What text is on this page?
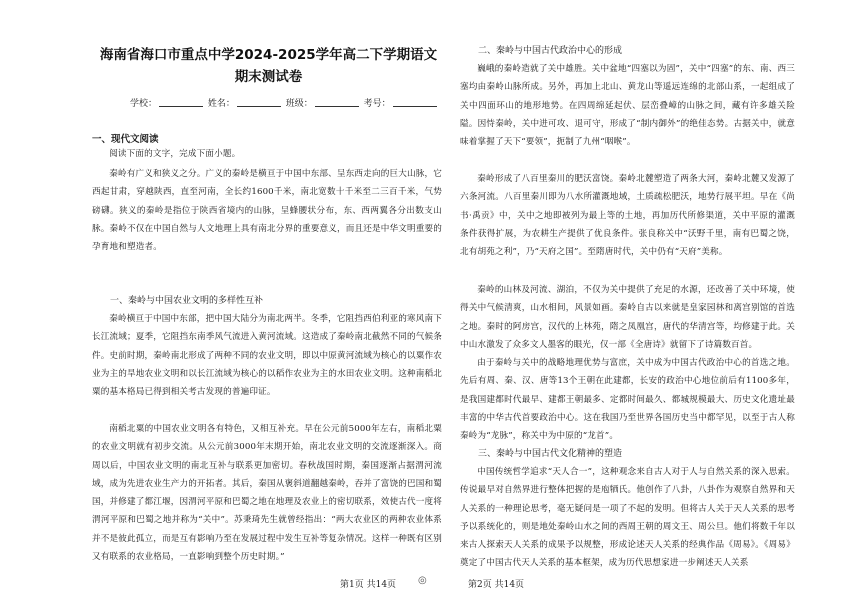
海南省海口市重点中学2024-2025学年高二下学期语文期末测试卷
学校：	姓名：	班级：	考号：
一、现代文阅读
阅读下面的文字，完成下面小题。
秦岭有广义和狭义之分。广义的秦岭是横亘于中国中东部、呈东西走向的巨大山脉，它西起甘肃，穿越陕西，直至河南，全长约1600千米，南北宽数十千米至二三百千米，气势磅礴。狭义的秦岭是指位于陕西省境内的山脉，呈蜂腰状分布，东、西两翼各分出数支山脉。秦岭不仅在中国自然与人文地理上具有南北分界的重要意义，而且还是中华文明重要的孕育地和塑造者。
一、秦岭与中国农业文明的多样性互补
秦岭横亘于中国中东部，把中国大陆分为南北两半。冬季，它阻挡西伯利亚的寒风南下长江流域；夏季，它阻挡东南季风气流进入黄河流域。这造成了秦岭南北截然不同的气候条件。史前时期，秦岭南北形成了两种不同的农业文明，即以中原黄河流域为核心的以粟作农业为主的旱地农业文明和以长江流域为核心的以稻作农业为主的水田农业文明。这种南稻北粟的基本格局已得到相关考古发现的普遍印证。
南稻北粟的中国农业文明各有特色，又相互补充。早在公元前5000年左右，南稻北粟的农业文明就有初步交流。从公元前3000年末期开始，南北农业文明的交流逐渐深入。商周以后，中国农业文明的南北互补与联系更加密切。春秋战国时期，秦国逐渐占据渭河流域，成为先进农业生产力的开拓者。其后，秦国从褒斜道翻越秦岭，吞并了富饶的巴国和蜀国，并修建了都江堰，因渭河平原和巴蜀之地在地理及农业上的密切联系，效使古代一度将渭河平原和巴蜀之地并称为“关中”。苏秉琦先生就曾经指出：“两大农业区的两种农业体系并不是彼此孤立，而是互有影响乃至在发展过程中发生互补等复杂情况。这样一种既有区别又有联系的农业格局，一直影响到整个历史时期。”
二、秦岭与中国古代政治中心的形成
巍峨的秦岭造就了关中雄胜。关中盆地“四塞以为固”，关中“四塞”的东、南、西三塞均由秦岭山脉所成。另外，再加上北山、黄龙山等遥远连绵的北部山系，一起组成了关中四面环山的地形地势。在四周绵延起伏、层峦叠嶂的山脉之间，藏有许多雄关险隘。因恃秦岭，关中进可攻、退可守，形成了“制内御外”的绝佳态势。古据关中，就意味着掌握了天下“要领”，扼制了九州“咽喉”。
秦岭形成了八百里秦川的肥沃富饶。秦岭北麓塑造了两条大河，秦岭北麓又发源了六条河流。八百里秦川即为八水所灌溉地域，土质疏松肥沃，地势行展平坦。早在《尚书·禹贡》中，关中之地即被列为最上等的土地，再加历代所修渠道，关中平原的灌溉条件获得扩展，为农耕生产提供了优良条件。张良称关中“沃野千里，南有巴蜀之饶，北有胡苑之利”，乃“天府之国”。至隋唐时代，关中仍有“天府”美称。
秦岭的山林及河流、湖泊，不仅为关中提供了充足的水源，还改善了关中环境，使得关中气候清爽，山水相间，风景如画。秦岭自古以来就是皇家园林和离宫别馆的首选之地。秦时的阿房宫，汉代的上林苑，隋之凤凰宫，唐代的华清宫等，均修建于此。关中山水激发了众多文人墨客的眼光，仅一部《全唐诗》就留下了诗篇数百首。
由于秦岭与关中的战略地理优势与富庶，关中成为中国古代政治中心的首选之地。先后有周、秦、汉、唐等13个王朝在此建都，长安的政治中心地位前后有1100多年，是我国建都时代最早、建都王朝最多、定都时间最久、都城规模最大、历史文化遗址最丰富的中华古代首要政治中心。这在我国乃至世界各国历史当中都罕见，以至于古人称秦岭为“龙脉”，称关中为中原的“龙首”。
三、秦岭与中国古代文化精神的塑造
中国传统哲学追求“天人合一”，这种观念来自古人对于人与自然关系的深入思索。传说最早对自然界进行整体把握的是庖牺氏。他创作了八卦，八卦作为观察自然界和天人关系的一种理论思考，毫无疑问是一项了不起的发明。但将古人关于天人关系的思考予以系统化的，则是地处秦岭山水之间的西周王朝的周文王、周公旦。他们将数千年以来古人探索天人关系的成果予以规整，形成论述天人关系的经典作品《周易》。《周易》奠定了中国古代天人关系的基本框架，成为历代思想家进一步阐述天人关系
第1页 共14页 ◎	第2页 共14页
